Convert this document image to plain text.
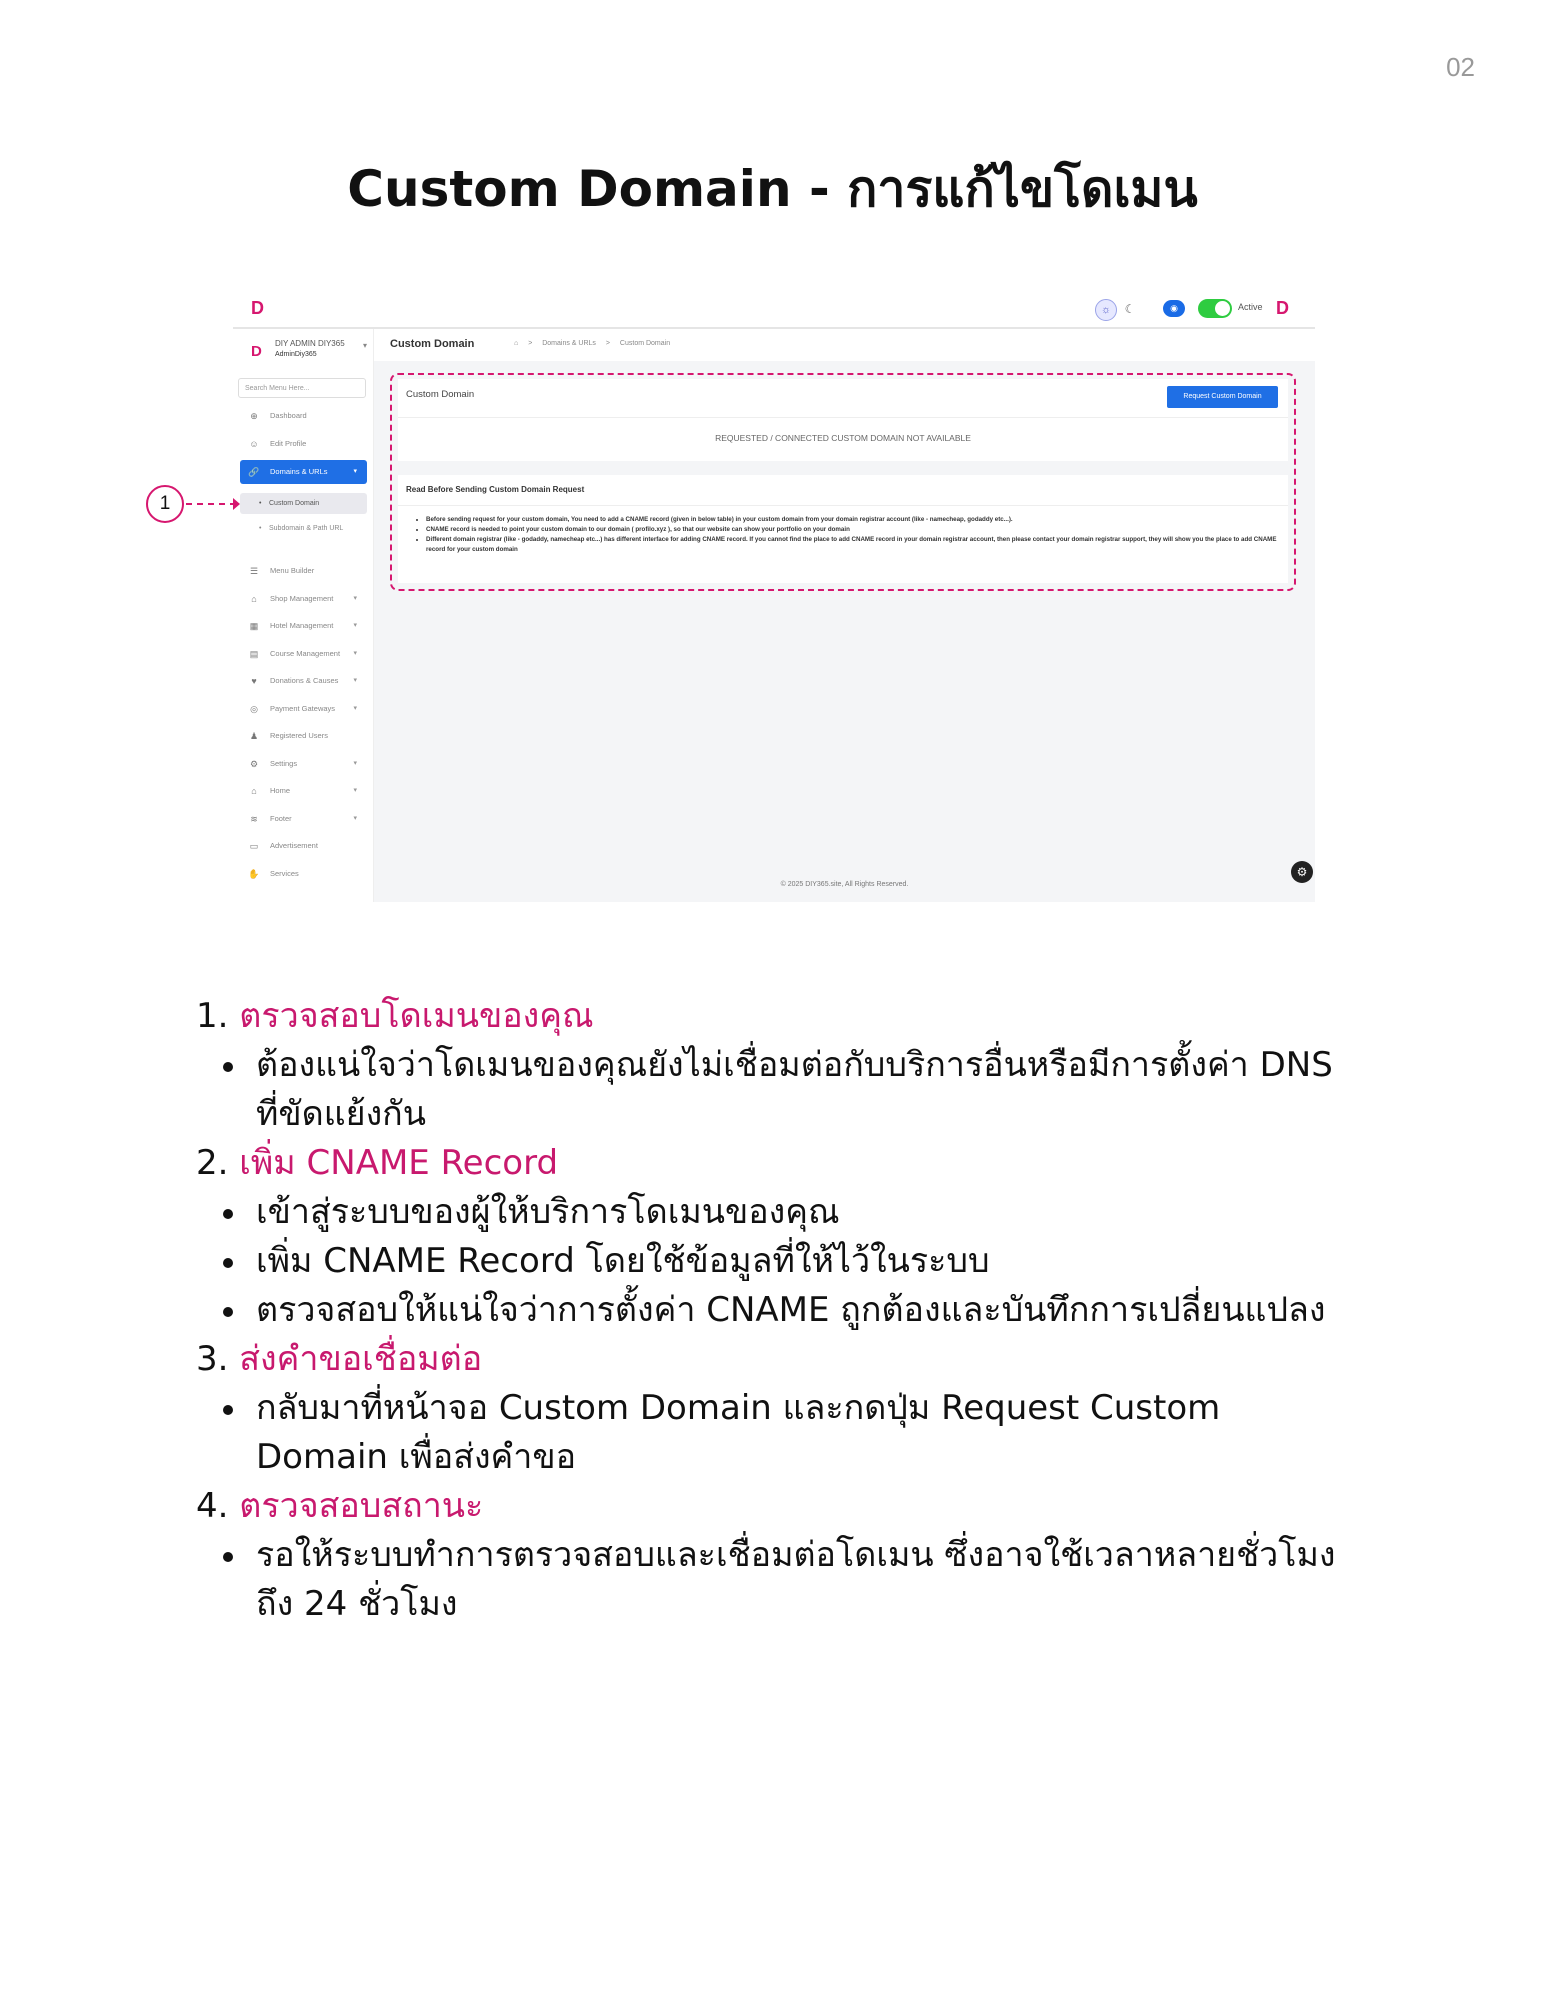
02
Custom Domain - การแก้ไขโดเมน
D	☼	☾	◉	Active D
D DIY ADMIN DIY365
AdminDiy365
▾
Search Menu Here...
⊕	Dashboard
☺	Edit Profile
🔗 Domains & URLs	▾
• Custom Domain
• Subdomain & Path URL
☰	Menu Builder
⌂	Shop Management	▾
▦	Hotel Management	▾
▤	Course Management ▾
♥	Donations & Causes ▾
◎	Payment Gateways	▾
♟	Registered Users
⚙	Settings	▾
⌂	Home	▾
≋	Footer	▾
▭	Advertisement
✋ Services
Custom Domain	⌂ > Domains & URLs > Custom Domain
Custom Domain	Request Custom Domain
REQUESTED / CONNECTED CUSTOM DOMAIN NOT AVAILABLE
Read Before Sending Custom Domain Request
• Before sending request for your custom domain, You need to add a CNAME record (given in below table) in your custom domain from your domain registrar account (like - namecheap, godaddy etc...).
• CNAME record is needed to point your custom domain to our domain ( profilo.xyz ), so that our website can show your portfolio on your domain
• Different domain registrar (like - godaddy, namecheap etc...) has different interface for adding CNAME record. If you cannot find the place to add CNAME record in your domain registrar account, then please contact your domain registrar support, they will show you the place to add CNAME record for your custom domain
⚙
© 2025 DIY365.site, All Rights Reserved.
1
1. ตรวจสอบโดเมนของคุณ
ต้องแน่ใจว่าโดเมนของคุณยังไม่เชื่อมต่อกับบริการอื่นหรือมีการตั้งค่า DNS ที่ขัดแย้งกัน
2. เพิ่ม CNAME Record
เข้าสู่ระบบของผู้ให้บริการโดเมนของคุณ
เพิ่ม CNAME Record โดยใช้ข้อมูลที่ให้ไว้ในระบบ
ตรวจสอบให้แน่ใจว่าการตั้งค่า CNAME ถูกต้องและบันทึกการเปลี่ยนแปลง
3. ส่งคำขอเชื่อมต่อ
กลับมาที่หน้าจอ Custom Domain และกดปุ่ม Request Custom Domain เพื่อส่งคำขอ
4. ตรวจสอบสถานะ
รอให้ระบบทำการตรวจสอบและเชื่อมต่อโดเมน ซึ่งอาจใช้เวลาหลายชั่วโมงถึง 24 ชั่วโมง
